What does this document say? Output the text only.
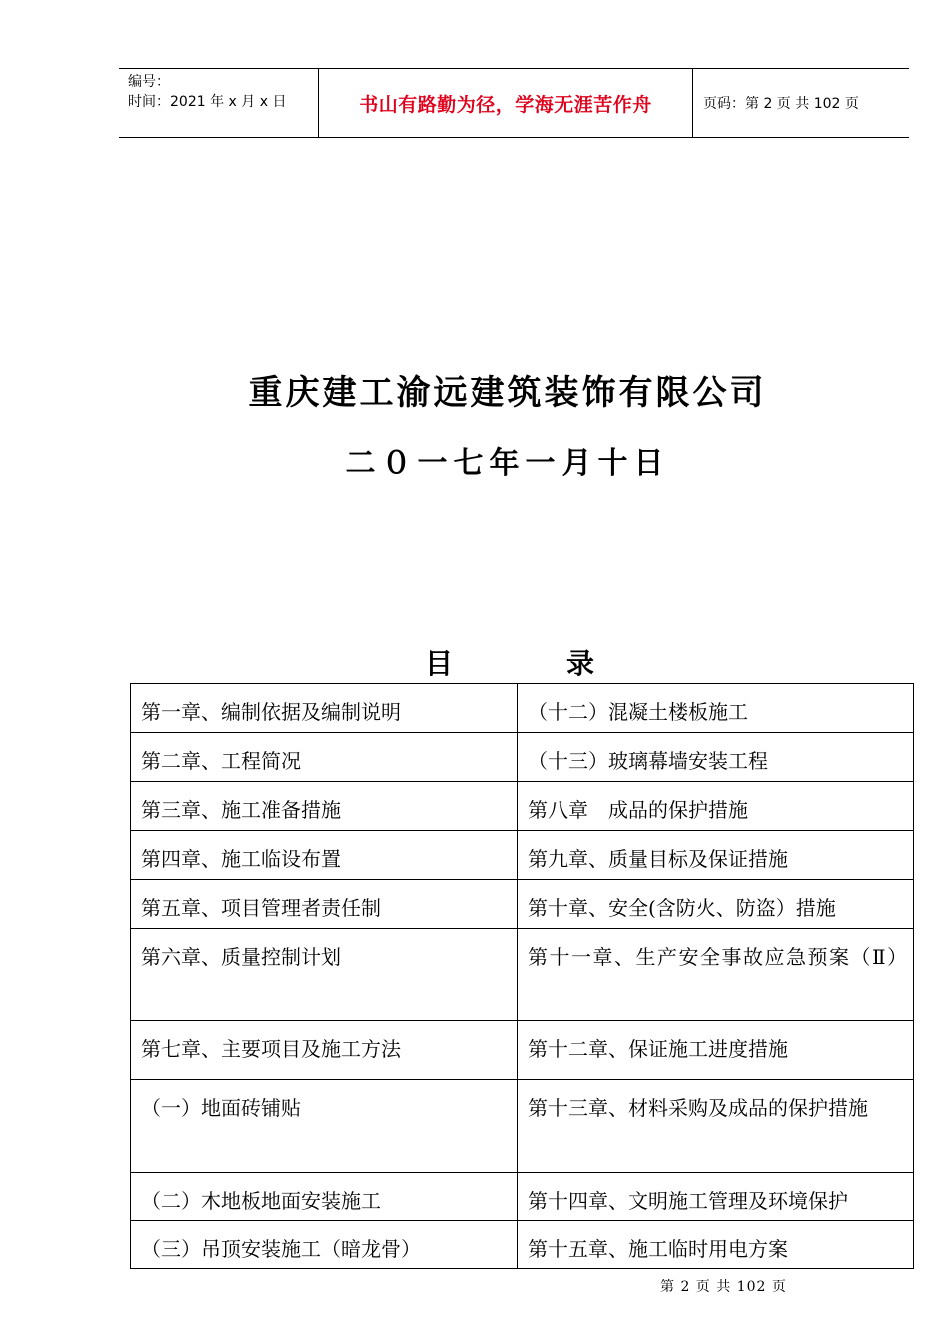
编号：
时间：2021 年 x 月 x 日	书山有路勤为径，学海无涯苦作舟	页码：第 2 页 共 102 页
重庆建工渝远建筑装饰有限公司
二０一七年一月十日
目	录
第一章、编制依据及编制说明	（十二）混凝土楼板施工
第二章、工程简况	（十三）玻璃幕墙安装工程
第三章、施工准备措施	第八章　成品的保护措施
第四章、施工临设布置	第九章、质量目标及保证措施
第五章、项目管理者责任制	第十章、安全(含防火、防盗）措施
第六章、质量控制计划	第十一章、生产安全事故应急预案（Ⅱ）
第七章、主要项目及施工方法	第十二章、保证施工进度措施
（一）地面砖铺贴	第十三章、材料采购及成品的保护措施
（二）木地板地面安装施工	第十四章、文明施工管理及环境保护
（三）吊顶安装施工（暗龙骨）	第十五章、施工临时用电方案
第 2 页 共 102 页
